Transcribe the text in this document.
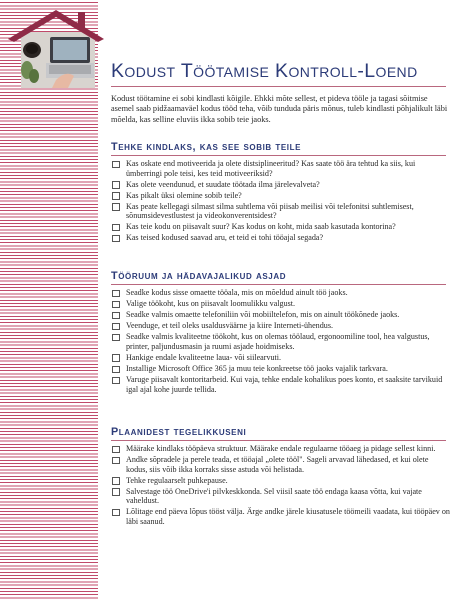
Kodust Töötamise Kontroll-Loend

Kodust töötamine ei sobi kindlasti kõigile. Ehkki mõte sellest, et pideva tööle ja tagasi sõitmise asemel saab pidžaamaväel kodus tööd teha, võib tunduda päris mõnus, tuleb kindlasti põhjalikult läbi mõelda, kas selline eluviis ikka sobib teie jaoks.

Tehke kindlaks, kas see sobib teile
Kas oskate end motiveerida ja olete distsiplineeritud? Kas saate töö ära tehtud ka siis, kui ümberringi pole teisi, kes teid motiveeriksid?
Kas olete veendunud, et suudate töötada ilma järelevalveta?
Kas pikalt üksi olemine sobib teile?
Kas peate kellegagi silmast silma suhtlema või piisab meilisi või telefonitsi suhtlemisest, sõnumsidevestlustest ja videokonverentsidest?
Kas teie kodu on piisavalt suur? Kas kodus on koht, mida saab kasutada kontorina?
Kas teised kodused saavad aru, et teid ei tohi tööajal segada?
Tööruum ja hädavajalikud asjad
Seadke kodus sisse omaette tööala, mis on mõeldud ainult töö jaoks.
Valige töökoht, kus on piisavalt loomulikku valgust.
Seadke valmis omaette telefoniliin või mobiiltelefon, mis on ainult töökõnede jaoks.
Veenduge, et teil oleks usaldusväärne ja kiire Interneti-ühendus.
Seadke valmis kvaliteetne töökoht, kus on olemas töölaud, ergonoomiline tool, hea valgustus, printer, paljundusmasin ja ruumi asjade hoidmiseks.
Hankige endale kvaliteetne lauа- või siilearvuti.
Installige Microsoft Office 365 ja muu teie konkreetse töö jaoks vajalik tarkvara.
Varuge piisavalt kontoritarbeid. Kui vaja, tehke endale kohalikus poes konto, et saaksite tarvikuid igal ajal kohe juurde tellida.
Plaanidest tegelikkuseni
Määrake kindlaks tööpäeva struktuur. Määrake endale regulaarne tööaeg ja pidage sellest kinni.
Andke sõpradele ja perele teada, et tööajal „olete tööl". Sageli arvavad lähedased, et kui olete kodus, siis võib ikka korraks sisse astuda või helistada.
Tehke regulaarselt puhkepause.
Salvestage töö OneDrive'i pilvkeskkonda. Sel viisil saate töö endaga kaasa võtta, kui vajate vaheldust.
Lõlitage end päeva lõpus tööst välja. Ärge andke järele kiusatusele töömeili vaadata, kui tööpäev on läbi saanud.
